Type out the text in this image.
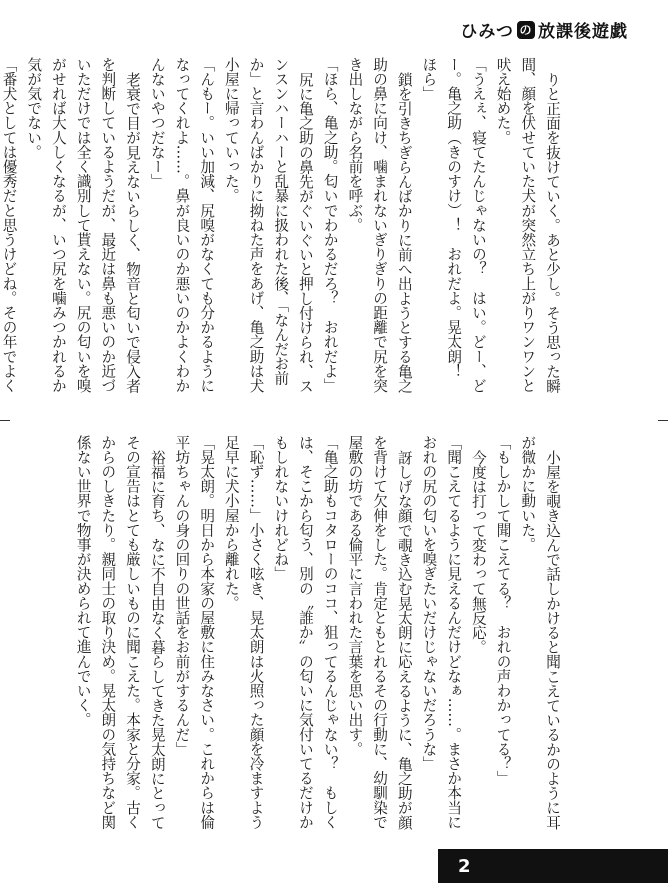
ひみつ の 放課後遊戯

りと正面を抜けていく。あと少し。そう思った瞬間、顔を伏せていた犬が突然立ち上がりワンワンと吠え始めた。

「うえぇ、寝てたんじゃないの？　はい。どー、どー。亀之助（きのすけ）！　おれだよ。晃太朗！　ほら」

鎖を引きちぎらんばかりに前へ出ようとする亀之助の鼻に向け、噛まれないぎりぎりの距離で尻を突き出しながら名前を呼ぶ。

「ほら、亀之助。匂いでわかるだろ？　おれだよ」

尻に亀之助の鼻先がぐいぐいと押し付けられ、スンスンハーハーと乱暴に扱われた後、「なんだお前か」と言わんばかりに拗ねた声をあげ、亀之助は犬小屋に帰っていった。

「んもー。いい加減、尻嗅がなくても分かるようになってくれよ……。鼻が良いのか悪いのかよくわかんないやつだなー」

老衰で目が見えないらしく、物音と匂いで侵入者を判断しているようだが、最近は鼻も悪いのか近づいただけでは全く識別して貰えない。尻の匂いを嗅がせれば大人しくなるが、いつ尻を噛みつかれるか気が気でない。

「番犬としては優秀だと思うけどね。その年でよく

小屋を覗き込んで話しかけると聞こえているかのように耳が微かに動いた。

「もしかして聞こえてる？　おれの声わかってる？」

今度は打って変わって無反応。

「聞こえてるように見えるんだけどなぁ……。まさか本当におれの尻の匂いを嗅ぎたいだけじゃないだろうな」

訝しげな顔で覗き込む晃太朗に応えるように、亀之助が顔を背けて欠伸をした。肯定ともとれるその行動に、幼馴染で屋敷の坊である倫平に言われた言葉を思い出す。

「亀之助もコタローのココ、狙ってるんじゃない？　もしくは、そこから匂う、別の〝誰か〟の匂いに気付いてるだけかもしれないけれどね」

「恥ず……」小さく呟き、晃太朗は火照った顔を冷ますよう足早に犬小屋から離れた。

「晃太朗。明日から本家の屋敷に住みなさい。これからは倫平坊ちゃんの身の回りの世話をお前がするんだ」

裕福に育ち、なに不自由なく暮らしてきた晃太朗にとってその宣告はとても厳しいものに聞こえた。本家と分家。古くからのしきたり。親同士の取り決め。晃太朗の気持ちなど関係ない世界で物事が決められて進んでいく。

2
